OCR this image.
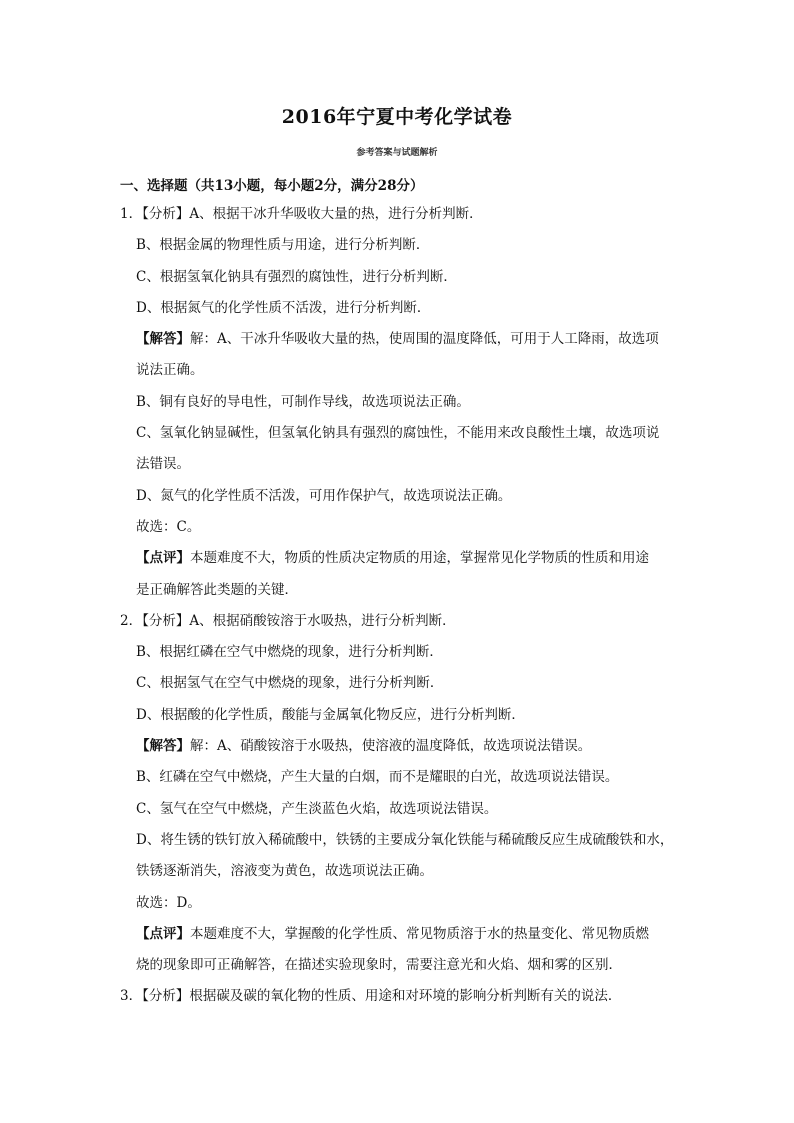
2016年宁夏中考化学试卷
参考答案与试题解析
一、选择题（共13小题，每小题2分，满分28分）
1．【分析】A、根据干冰升华吸收大量的热，进行分析判断．
B、根据金属的物理性质与用途，进行分析判断．
C、根据氢氧化钠具有强烈的腐蚀性，进行分析判断．
D、根据氮气的化学性质不活泼，进行分析判断．
【解答】解：A、干冰升华吸收大量的热，使周围的温度降低，可用于人工降雨，故选项
说法正确。
B、铜有良好的导电性，可制作导线，故选项说法正确。
C、氢氧化钠显碱性，但氢氧化钠具有强烈的腐蚀性，不能用来改良酸性土壤，故选项说
法错误。
D、氮气的化学性质不活泼，可用作保护气，故选项说法正确。
故选：C。
【点评】本题难度不大，物质的性质决定物质的用途，掌握常见化学物质的性质和用途
是正确解答此类题的关键．
2．【分析】A、根据硝酸铵溶于水吸热，进行分析判断．
B、根据红磷在空气中燃烧的现象，进行分析判断．
C、根据氢气在空气中燃烧的现象，进行分析判断．
D、根据酸的化学性质，酸能与金属氧化物反应，进行分析判断．
【解答】解：A、硝酸铵溶于水吸热，使溶液的温度降低，故选项说法错误。
B、红磷在空气中燃烧，产生大量的白烟，而不是耀眼的白光，故选项说法错误。
C、氢气在空气中燃烧，产生淡蓝色火焰，故选项说法错误。
D、将生锈的铁钉放入稀硫酸中，铁锈的主要成分氧化铁能与稀硫酸反应生成硫酸铁和水，
铁锈逐渐消失，溶液变为黄色，故选项说法正确。
故选：D。
【点评】本题难度不大，掌握酸的化学性质、常见物质溶于水的热量变化、常见物质燃
烧的现象即可正确解答，在描述实验现象时，需要注意光和火焰、烟和雾的区别．
3．【分析】根据碳及碳的氧化物的性质、用途和对环境的影响分析判断有关的说法．
